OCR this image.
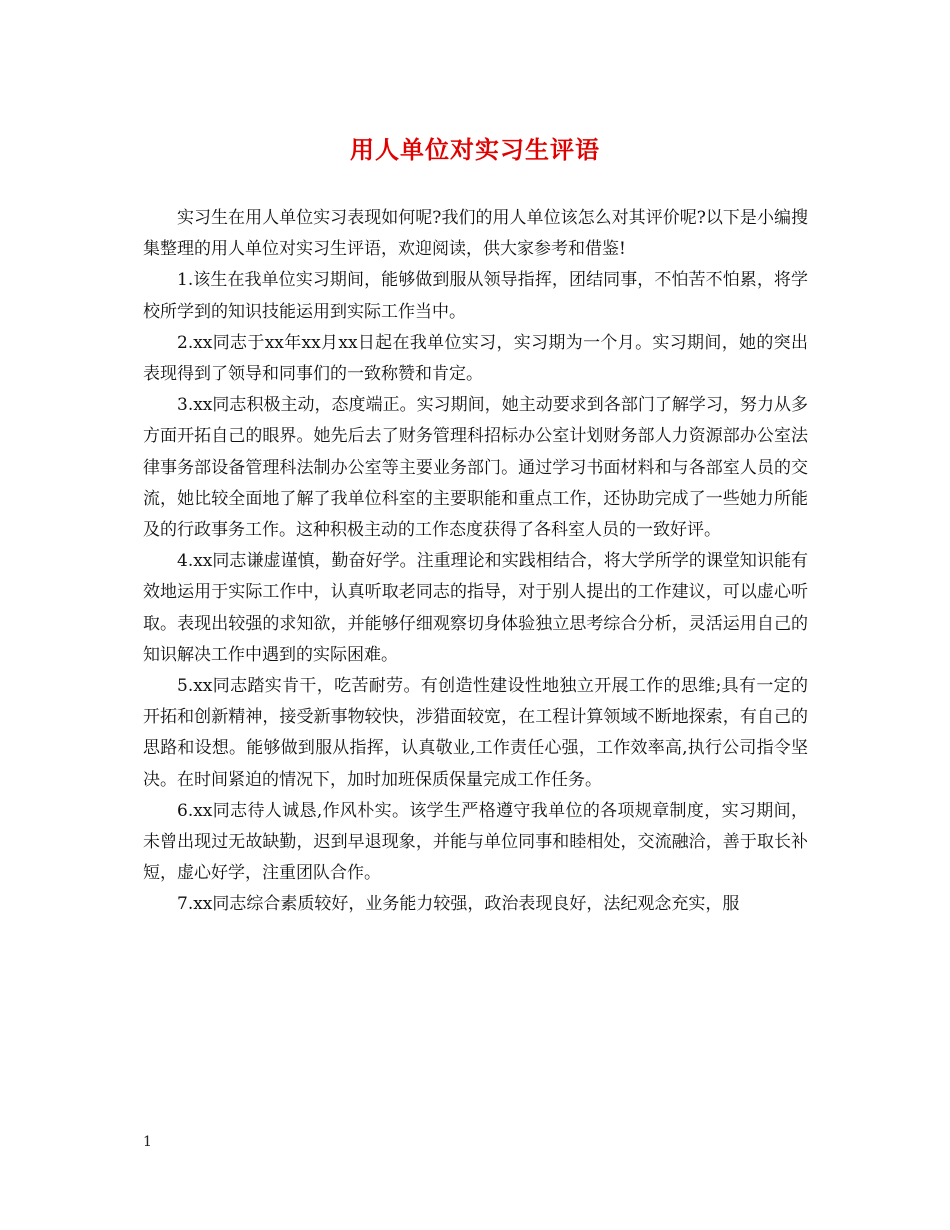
用人单位对实习生评语

实习生在用人单位实习表现如何呢?我们的用人单位该怎么对其评价呢?以下是小编搜集整理的用人单位对实习生评语，欢迎阅读，供大家参考和借鉴!

1.该生在我单位实习期间，能够做到服从领导指挥，团结同事，不怕苦不怕累，将学校所学到的知识技能运用到实际工作当中。

2.xx同志于xx年xx月xx日起在我单位实习，实习期为一个月。实习期间，她的突出表现得到了领导和同事们的一致称赞和肯定。

3.xx同志积极主动，态度端正。实习期间，她主动要求到各部门了解学习，努力从多方面开拓自己的眼界。她先后去了财务管理科招标办公室计划财务部人力资源部办公室法律事务部设备管理科法制办公室等主要业务部门。通过学习书面材料和与各部室人员的交流，她比较全面地了解了我单位科室的主要职能和重点工作，还协助完成了一些她力所能及的行政事务工作。这种积极主动的工作态度获得了各科室人员的一致好评。

4.xx同志谦虚谨慎，勤奋好学。注重理论和实践相结合，将大学所学的课堂知识能有效地运用于实际工作中，认真听取老同志的指导，对于别人提出的工作建议，可以虚心听取。表现出较强的求知欲，并能够仔细观察切身体验独立思考综合分析，灵活运用自己的知识解决工作中遇到的实际困难。

5.xx同志踏实肯干，吃苦耐劳。有创造性建设性地独立开展工作的思维;具有一定的开拓和创新精神，接受新事物较快，涉猎面较宽，在工程计算领域不断地探索，有自己的思路和设想。能够做到服从指挥，认真敬业,工作责任心强，工作效率高,执行公司指令坚决。在时间紧迫的情况下，加时加班保质保量完成工作任务。

6.xx同志待人诚恳,作风朴实。该学生严格遵守我单位的各项规章制度，实习期间，未曾出现过无故缺勤，迟到早退现象，并能与单位同事和睦相处，交流融洽，善于取长补短，虚心好学，注重团队合作。

7.xx同志综合素质较好，业务能力较强，政治表现良好，法纪观念充实，服

1
